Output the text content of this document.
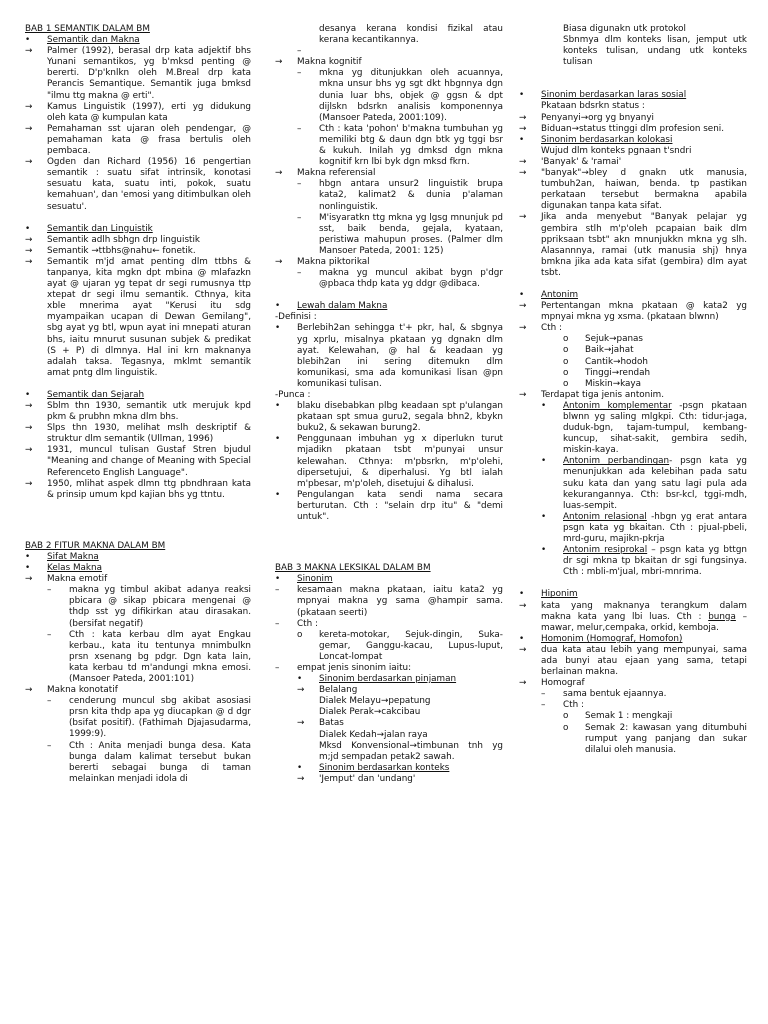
BAB 1 SEMANTIK DALAM BM
• Semantik dan Makna
→ Palmer (1992), berasal drp kata adjektif bhs Yunani semantikos, yg b'mksd penting @ bererti. D'p'knlkn oleh M.Breal drp kata Perancis Semantique. Semantik juga bmksd "ilmu ttg makna @ erti".
→ Kamus Linguistik (1997), erti yg didukung oleh kata @ kumpulan kata
→ Pemahaman sst ujaran oleh pendengar, @ pemahaman kata @ frasa bertulis oleh pembaca.
→ Ogden dan Richard (1956) 16 pengertian semantik : suatu sifat intrinsik, konotasi sesuatu kata, suatu inti, pokok, suatu kemahuan', dan 'emosi yang ditimbulkan oleh sesuatu'.
• Semantik dan Linguistik
→ Semantik adlh sbhgn drp linguistik
→ Semantik →ttbhs@nahu← fonetik.
→ Semantik m'jd amat penting dlm ttbhs & tanpanya, kita mgkn dpt mbina @ mlafazkn ayat @ ujaran yg tepat dr segi rumusnya ttp xtepat dr segi ilmu semantik. Cthnya, kita xble mnerima ayat "Kerusi itu sdg myampaikan ucapan di Dewan Gemilang", sbg ayat yg btl, wpun ayat ini mnepati aturan bhs, iaitu mnurut susunan subjek & predikat (S + P) di dlmnya. Hal ini krn maknanya adalah taksa. Tegasnya, mklmt semantik amat pntg dlm linguistik.
• Semantik dan Sejarah
→ Sblm thn 1930, semantik utk merujuk kpd pkm & prubhn mkna dlm bhs.
→ Slps thn 1930, melihat mslh deskriptif & struktur dlm semantik (Ullman, 1996)
→ 1931, muncul tulisan Gustaf Stren bjudul "Meaning and change of Meaning with Special Referenceto English Language".
→ 1950, mlihat aspek dlmn ttg pbndhraan kata & prinsip umum kpd kajian bhs yg ttntu.
BAB 2 FITUR MAKNA DALAM BM
• Sifat Makna
• Kelas Makna
→ Makna emotif
– makna yg timbul akibat adanya reaksi pbicara @ sikap pbicara mengenai @ thdp sst yg difikirkan atau dirasakan. (bersifat negatif)
– Cth : kata kerbau dlm ayat Engkau kerbau., kata itu tentunya mnimbulkn prsn xsenang bg pdgr. Dgn kata lain, kata kerbau td m'andungi mkna emosi. (Mansoer Pateda, 2001:101)
→ Makna konotatif
– cenderung muncul sbg akibat asosiasi prsn kita thdp apa yg diucapkan @ d dgr (bsifat positif). (Fathimah Djajasudarma, 1999:9).
– Cth : Anita menjadi bunga desa. Kata bunga dalam kalimat tersebut bukan bererti sebagai bunga di taman melainkan menjadi idola di
desanya kerana kondisi fizikal atau kerana kecantikannya.
–

→ Makna kognitif
– mkna yg ditunjukkan oleh acuannya, mkna unsur bhs yg sgt dkt hbgnnya dgn dunia luar bhs, objek @ ggsn & dpt dijlskn bdsrkn analisis komponennya (Mansoer Pateda, 2001:109).
– Cth : kata 'pohon' b'makna tumbuhan yg memiliki btg & daun dgn btk yg tggi bsr & kukuh. Inilah yg dmksd dgn mkna kognitif krn lbi byk dgn mksd fkrn.
→ Makna referensial
– hbgn antara unsur2 linguistik brupa kata2, kalimat2 & dunia p'alaman nonlinguistik.
– M'isyaratkn ttg mkna yg lgsg mnunjuk pd sst, baik benda, gejala, kyataan, peristiwa mahupun proses. (Palmer dlm Mansoer Pateda, 2001: 125)
→ Makna piktorikal
– makna yg muncul akibat bygn p'dgr @pbaca thdp kata yg ddgr @dibaca.
• Lewah dalam Makna
-Definisi :
• Berlebih2an sehingga t'+ pkr, hal, & sbgnya yg xprlu, misalnya pkataan yg dgnakn dlm ayat. Kelewahan, @ hal & keadaan yg blebih2an ini sering ditemukn dlm komunikasi, sma ada komunikasi lisan @pn komunikasi tulisan.
-Punca :
• blaku disebabkan plbg keadaan spt p'ulangan pkataan spt smua guru2, segala bhn2, kbykn buku2, & sekawan burung2.
• Penggunaan imbuhan yg x diperlukn turut mjadikn pkataan tsbt m'punyai unsur kelewahan. Cthnya: m'pbsrkn, m'p'olehi, dipersetujui, & diperhalusi. Yg btl ialah m'pbesar, m'p'oleh, disetujui & dihalusi.
• Pengulangan kata sendi nama secara berturutan. Cth : "selain drp itu" & "demi untuk".
BAB 3 MAKNA LEKSIKAL DALAM BM
• Sinonim
– kesamaan makna pkataan, iaitu kata2 yg mpnyai makna yg sama @hampir sama. (pkataan seerti)
– Cth :
o kereta-motokar, Sejuk-dingin, Suka-gemar, Ganggu-kacau, Lupus-luput, Loncat-lompat
– empat jenis sinonim iaitu:
• Sinonim berdasarkan pinjaman
→ Belalang
Dialek Melayu→pepatung
Dialek Perak→cakcibau
→ Batas
Dialek Kedah→jalan raya
Mksd Konvensional→timbunan tnh yg m;jd sempadan petak2 sawah.
• Sinonim berdasarkan konteks
→ 'Jemput' dan 'undang'
Biasa digunakn utk protokol
Sbnmya dlm konteks lisan, jemput utk konteks tulisan, undang utk konteks tulisan
• Sinonim berdasarkan laras sosial
Pkataan bdsrkn status :
→ Penyanyi→org yg bnyanyi
→ Biduan→status ttinggi dlm profesion seni.
• Sinonim berdasarkan kolokasi
Wujud dlm konteks pgnaan t'sndri
→ 'Banyak' & 'ramai'
→ "banyak"→bley d gnakn utk manusia, tumbuh2an, haiwan, benda. tp pastikan perkataan tersebut bermakna apabila digunakan tanpa kata sifat.
→ Jika anda menyebut "Banyak pelajar yg gembira stlh m'p'oleh pcapaian baik dlm ppriksaan tsbt" akn mnunjukkn mkna yg slh. Alasannnya, ramai (utk manusia shj) hnya bmkna jika ada kata sifat (gembira) dlm ayat tsbt.
• Antonim
→ Pertentangan mkna pkataan @ kata2 yg mpnyai mkna yg xsma. (pkataan blwnn)
→ Cth :
o Sejuk→panas
o Baik→jahat
o Cantik→hodoh
o Tinggi→rendah
o Miskin→kaya
→ Terdapat tiga jenis antonim.
• Antonim komplementar -psgn pkataan blwnn yg saling mlgkpi. Cth: tidur-jaga, duduk-bgn, tajam-tumpul, kembang-kuncup, sihat-sakit, gembira sedih, miskin-kaya.
• Antonim perbandingan- psgn kata yg menunjukkan ada kelebihan pada satu suku kata dan yang satu lagi pula ada kekurangannya. Cth: bsr-kcl, tggi-mdh, luas-sempit.
• Antonim relasional -hbgn yg erat antara psgn kata yg bkaitan. Cth : pjual-pbeli, mrd-guru, majikn-pkrja
• Antonim resiprokal – psgn kata yg bttgn dr sgi mkna tp bkaitan dr sgi fungsinya. Cth : mbli-m'jual, mbri-mnrima.
• Hiponim
→ kata yang maknanya terangkum dalam makna kata yang lbi luas. Cth : bunga – mawar, melur,cempaka, orkid, kemboja.
• Homonim (Homograf, Homofon)
→ dua kata atau lebih yang mempunyai, sama ada bunyi atau ejaan yang sama, tetapi berlainan makna.
→ Homograf
– sama bentuk ejaannya.
– Cth :
o Semak 1 : mengkaji
o Semak 2: kawasan yang ditumbuhi rumput yang panjang dan sukar dilalui oleh manusia.
